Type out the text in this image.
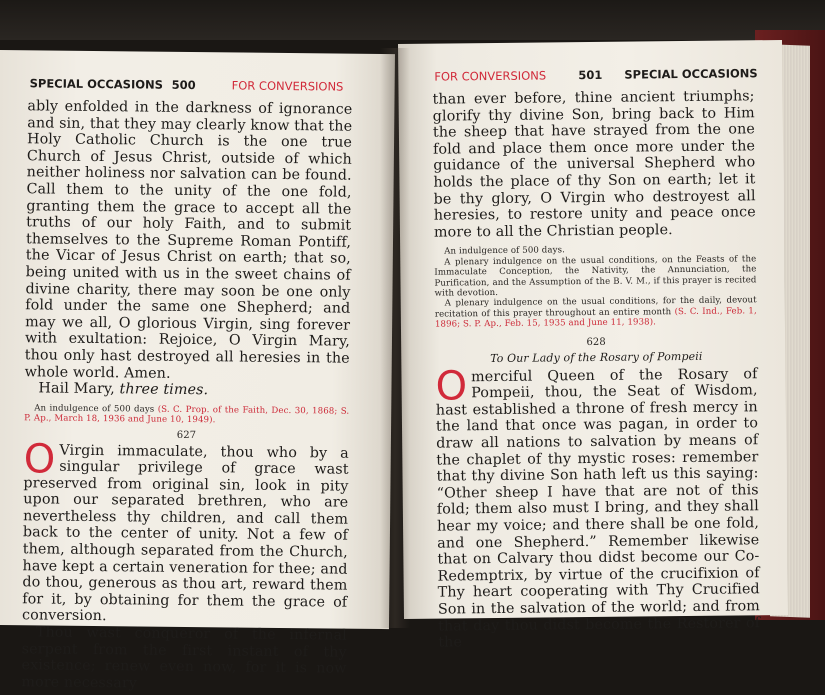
SPECIAL OCCASIONS 500	FOR CONVERSIONS

ably enfolded in the darkness of ignorance and sin, that they may clearly know that the Holy Catholic Church is the one true Church of Jesus Christ, outside of which neither holiness nor salvation can be found. Call them to the unity of the one fold, granting them the grace to accept all the truths of our holy Faith, and to submit themselves to the Supreme Roman Pontiff, the Vicar of Jesus Christ on earth; that so, being united with us in the sweet chains of divine charity, there may soon be one only fold under the same one Shepherd; and may we all, O glorious Virgin, sing forever with exultation: Rejoice, O Virgin Mary, thou only hast destroyed all heresies in the whole world. Amen.

Hail Mary, three times.

An indulgence of 500 days (S. C. Prop. of the Faith, Dec. 30, 1868; S. P. Ap., March 18, 1936 and June 10, 1949).

627

O Virgin immaculate, thou who by a singular privilege of grace wast preserved from original sin, look in pity upon our separated brethren, who are nevertheless thy children, and call them back to the center of unity. Not a few of them, although separated from the Church, have kept a certain veneration for thee; and do thou, generous as thou art, reward them for it, by obtaining for them the grace of conversion.

Thou wast conqueror of the infernal serpent from the first instant of thy existence; renew even now, for it is now more necessary

FOR CONVERSIONS	501 SPECIAL OCCASIONS

than ever before, thine ancient triumphs; glorify thy divine Son, bring back to Him the sheep that have strayed from the one fold and place them once more under the guidance of the universal Shepherd who holds the place of thy Son on earth; let it be thy glory, O Virgin who destroyest all heresies, to restore unity and peace once more to all the Christian people.

An indulgence of 500 days.
A plenary indulgence on the usual conditions, on the Feasts of the Immaculate Conception, the Nativity, the Annunciation, the Purification, and the Assumption of the B. V. M., if this prayer is recited with devotion.
A plenary indulgence on the usual conditions, for the daily, devout recitation of this prayer throughout an entire month (S. C. Ind., Feb. 1, 1896; S. P. Ap., Feb. 15, 1935 and June 11, 1938).
628
To Our Lady of the Rosary of Pompeii

Omerciful Queen of the Rosary of Pompeii, thou, the Seat of Wisdom, hast established a throne of fresh mercy in the land that once was pagan, in order to draw all nations to salvation by means of the chaplet of thy mystic roses: remember that thy divine Son hath left us this saying: “Other sheep I have that are not of this fold; them also must I bring, and they shall hear my voice; and there shall be one fold, and one Shepherd.” Remember likewise that on Calvary thou didst become our Co-Redemptrix, by virtue of the crucifixion of Thy heart cooperating with Thy Crucified Son in the salvation of the world; and from that day thou didst become the Restorer of the
